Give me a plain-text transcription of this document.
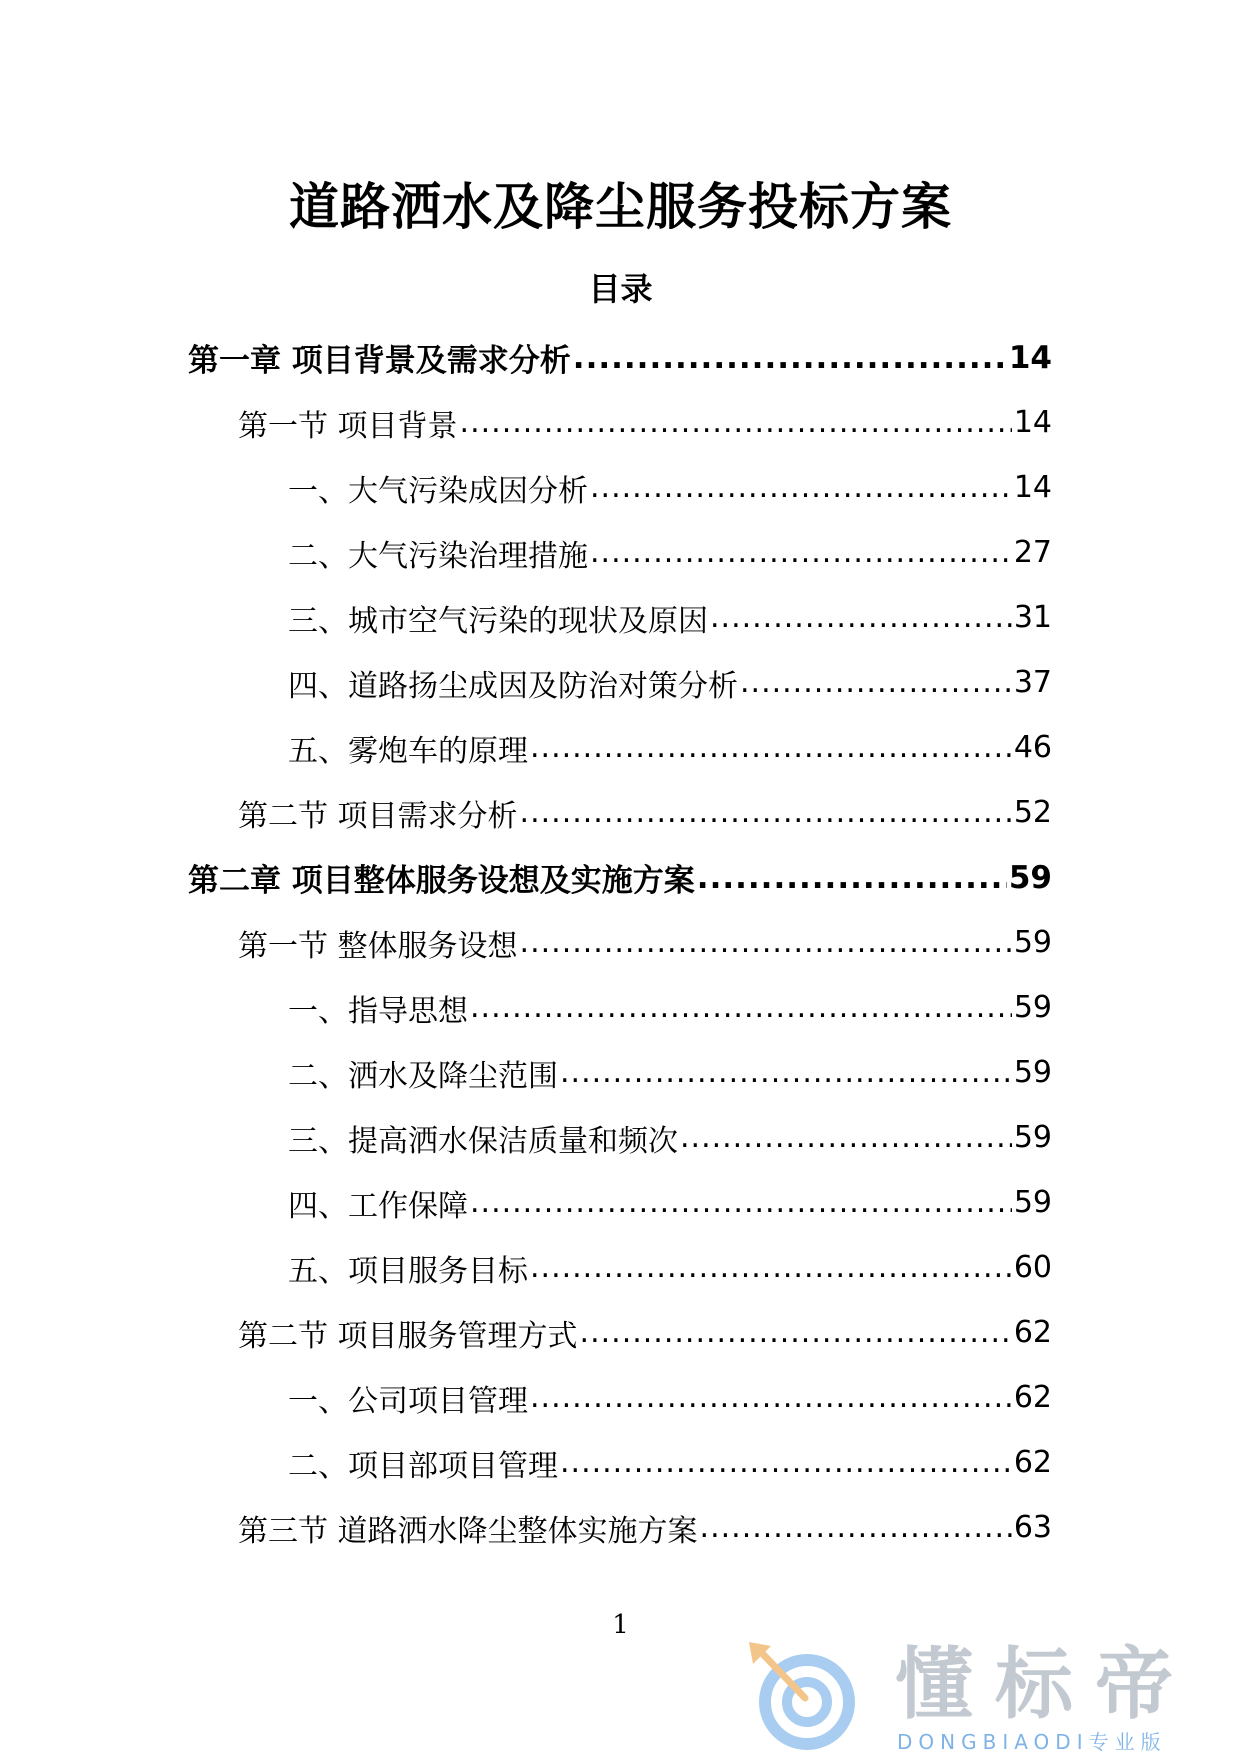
道路洒水及降尘服务投标方案
目录
第一章 项目背景及需求分析 .....	14
第一节 项目背景 .....	14
一、大气污染成因分析 .....	14
二、大气污染治理措施 .....	27
三、城市空气污染的现状及原因 .....	31
四、道路扬尘成因及防治对策分析 .....	37
五、雾炮车的原理 .....	46
第二节 项目需求分析 .....	52
第二章 项目整体服务设想及实施方案 .....	59
第一节 整体服务设想 .....	59
一、指导思想 .....	59
二、洒水及降尘范围 .....	59
三、提高洒水保洁质量和频次 .....	59
四、工作保障 .....	59
五、项目服务目标 .....	60
第二节 项目服务管理方式 .....	62
一、公司项目管理 .....	62
二、项目部项目管理 .....	62
第三节 道路洒水降尘整体实施方案 .....	63
1
懂标帝
DONGBIAODI专业版
